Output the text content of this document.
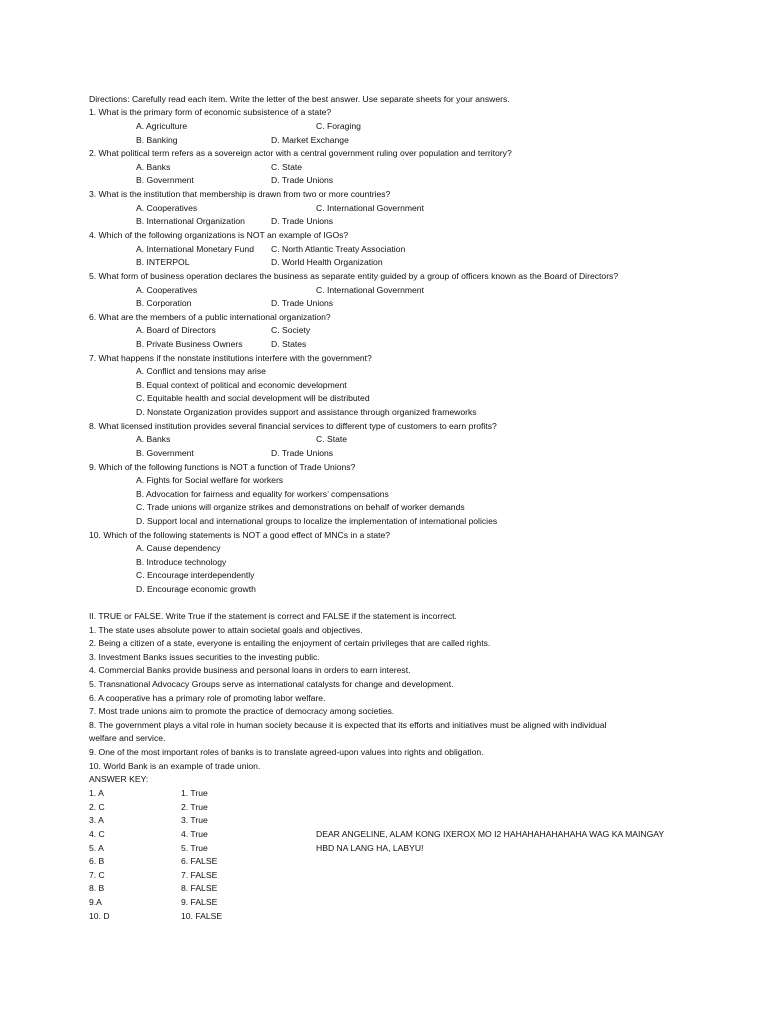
Directions: Carefully read each item. Write the letter of the best answer. Use separate sheets for your answers.
1. What is the primary form of economic subsistence of a state?
A. Agriculture	C. Foraging
B. Banking	D. Market Exchange
2. What political term refers as a sovereign actor with a central government ruling over population and territory?
A. Banks	C. State
B. Government	D. Trade Unions
3. What is the institution that membership is drawn from two or more countries?
A. Cooperatives	C. International Government
B. International Organization	D. Trade Unions
4. Which of the following organizations is NOT an example of IGOs?
A. International Monetary Fund C. North Atlantic Treaty Association
B. INTERPOL	D. World Health Organization
5. What form of business operation declares the business as separate entity guided by a group of officers known as the Board of Directors?
A. Cooperatives	C. International Government
B. Corporation	D. Trade Unions
6. What are the members of a public international organization?
A. Board of Directors	C. Society
B. Private Business Owners	D. States
7. What happens if the nonstate institutions interfere with the government?
A. Conflict and tensions may arise
B. Equal context of political and economic development
C. Equitable health and social development will be distributed
D. Nonstate Organization provides support and assistance through organized frameworks
8. What licensed institution provides several financial services to different type of customers to earn profits?
A. Banks	C. State
B. Government	D. Trade Unions
9. Which of the following functions is NOT a function of Trade Unions?
A. Fights for Social welfare for workers
B. Advocation for fairness and equality for workers’ compensations
C. Trade unions will organize strikes and demonstrations on behalf of worker demands
D. Support local and international groups to localize the implementation of international policies
10. Which of the following statements is NOT a good effect of MNCs in a state?
A. Cause dependency
B. Introduce technology
C. Encourage interdependently
D. Encourage economic growth
II. TRUE or FALSE. Write True if the statement is correct and FALSE if the statement is incorrect.
1. The state uses absolute power to attain societal goals and objectives.
2. Being a citizen of a state, everyone is entailing the enjoyment of certain privileges that are called rights.
3. Investment Banks issues securities to the investing public.
4. Commercial Banks provide business and personal loans in orders to earn interest.
5. Transnational Advocacy Groups serve as international catalysts for change and development.
6. A cooperative has a primary role of promoting labor welfare.
7. Most trade unions aim to promote the practice of democracy among societies.
8. The government plays a vital role in human society because it is expected that its efforts and initiatives must be aligned with individual
welfare and service.
9. One of the most important roles of banks is to translate agreed-upon values into rights and obligation.
10. World Bank is an example of trade union.
ANSWER KEY:
1. A	1. True
2. C	2. True
3. A	3. True
4. C	4. True
5. A	5. True
6. B	6. FALSE
7. C	7. FALSE
8. B	8. FALSE
9.A	9. FALSE
10. D	10. FALSE
DEAR ANGELINE, ALAM KONG IXEROX MO I2 HAHAHAHAHAHAHA WAG KA MAINGAY
HBD NA LANG HA, LABYU!
